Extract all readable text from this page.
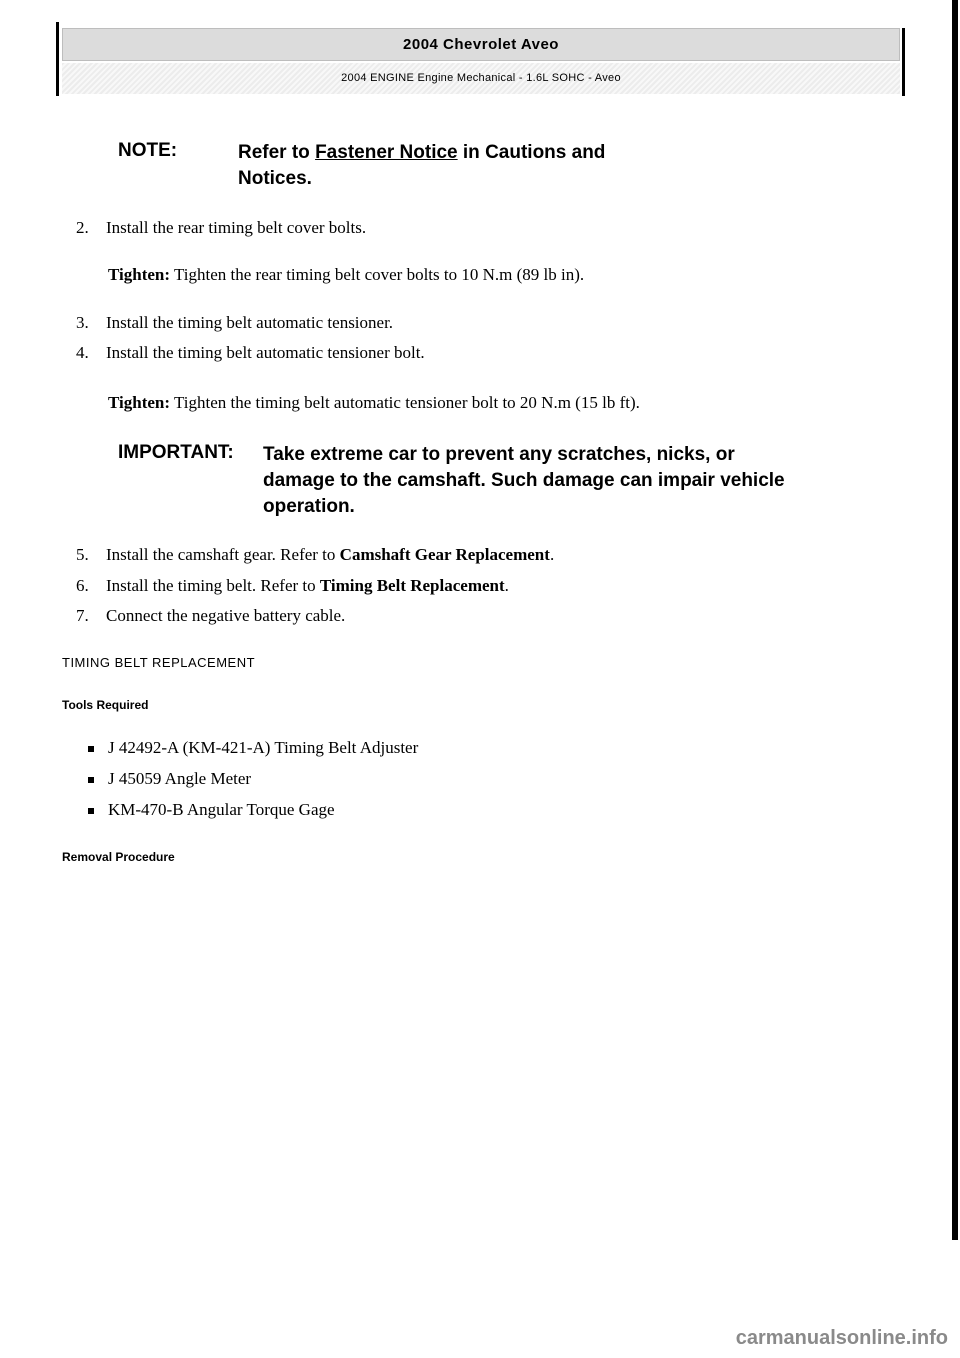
2004 Chevrolet Aveo
2004 ENGINE Engine Mechanical - 1.6L SOHC - Aveo
NOTE:	Refer to Fastener Notice in Cautions and
Notices.
2. Install the rear timing belt cover bolts.
Tighten: Tighten the rear timing belt cover bolts to 10 N.m (89 lb in).
3. Install the timing belt automatic tensioner.
4. Install the timing belt automatic tensioner bolt.
Tighten: Tighten the timing belt automatic tensioner bolt to 20 N.m (15 lb ft).
IMPORTANT: Take extreme car to prevent any scratches, nicks, or
damage to the camshaft. Such damage can impair vehicle
operation.
5. Install the camshaft gear. Refer to Camshaft Gear Replacement.
6. Install the timing belt. Refer to Timing Belt Replacement.
7. Connect the negative battery cable.
TIMING BELT REPLACEMENT
Tools Required
J 42492-A (KM-421-A) Timing Belt Adjuster
J 45059 Angle Meter
KM-470-B Angular Torque Gage
Removal Procedure
carmanualsonline.info
